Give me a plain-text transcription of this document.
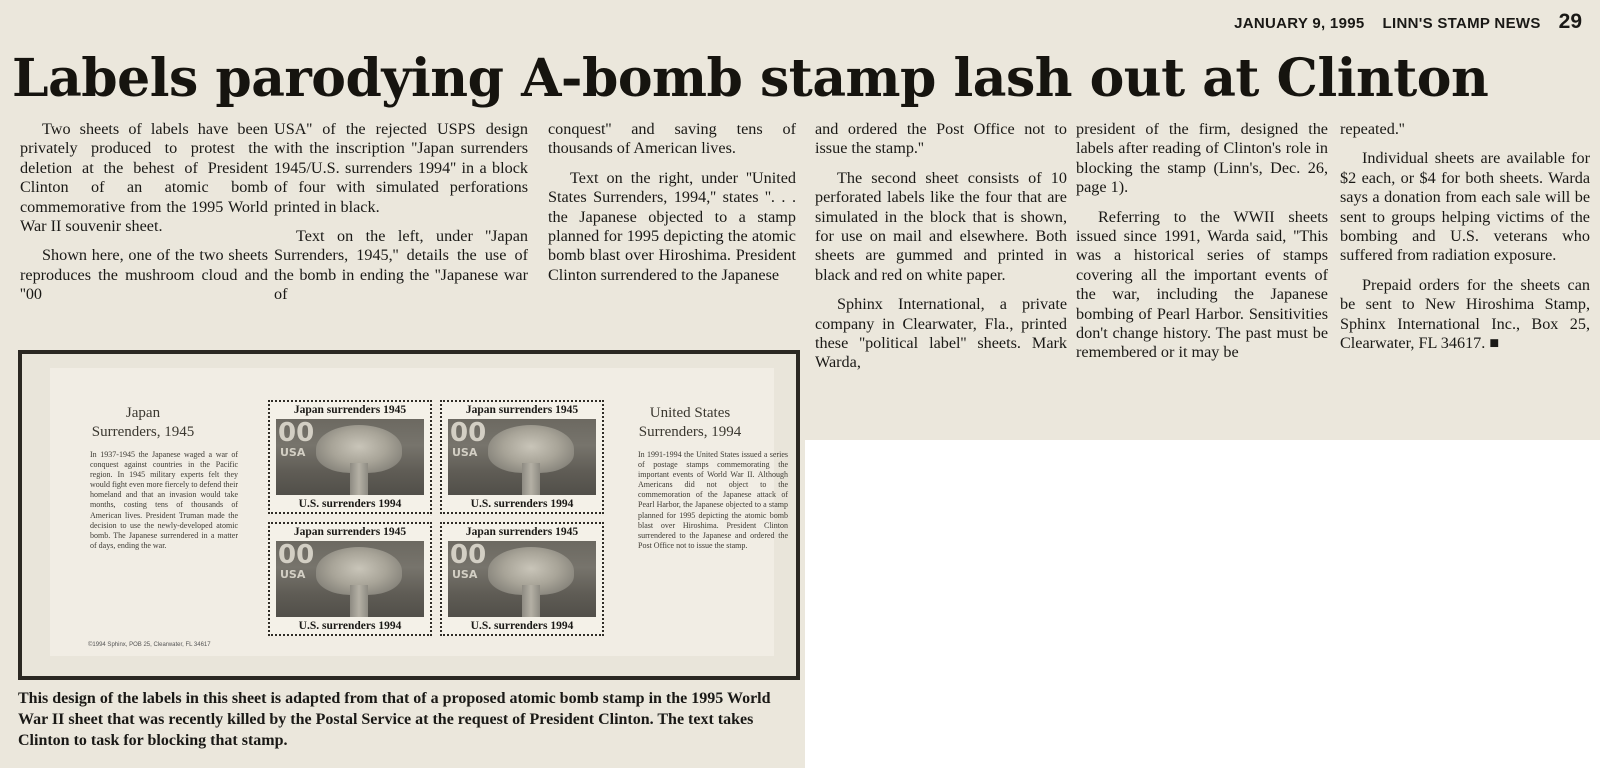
JANUARY 9, 1995 LINN'S STAMP NEWS 29
Labels parodying A-bomb stamp lash out at Clinton

Two sheets of labels have been privately produced to protest the deletion at the behest of President Clinton of an atomic bomb commemorative from the 1995 World War II souvenir sheet.

Shown here, one of the two sheets reproduces the mushroom cloud and ''00

USA'' of the rejected USPS design with the inscription ''Japan surrenders 1945/U.S. surrenders 1994'' in a block of four with simulated perforations printed in black.

Text on the left, under ''Japan Surrenders, 1945,'' details the use of the bomb in ending the ''Japanese war of

conquest'' and saving tens of thousands of American lives.

Text on the right, under ''United States Surrenders, 1994,'' states ''. . . the Japanese objected to a stamp planned for 1995 depicting the atomic bomb blast over Hiroshima. President Clinton surrendered to the Japanese

and ordered the Post Office not to issue the stamp.''

The second sheet consists of 10 perforated labels like the four that are simulated in the block that is shown, for use on mail and elsewhere. Both sheets are gummed and printed in black and red on white paper.

Sphinx International, a private company in Clearwater, Fla., printed these ''political label'' sheets. Mark Warda,

president of the firm, designed the labels after reading of Clinton's role in blocking the stamp (Linn's, Dec. 26, page 1).

Referring to the WWII sheets issued since 1991, Warda said, ''This was a historical series of stamps covering all the important events of the war, including the Japanese bombing of Pearl Harbor. Sensitivities don't change history. The past must be remembered or it may be

repeated.''

Individual sheets are available for $2 each, or $4 for both sheets. Warda says a donation from each sale will be sent to groups helping victims of the bombing and U.S. veterans who suffered from radiation exposure.

Prepaid orders for the sheets can be sent to New Hiroshima Stamp, Sphinx International Inc., Box 25, Clearwater, FL 34617. ■

Japan
Surrenders, 1945
In 1937-1945 the Japanese waged a war of conquest against countries in the Pacific region. In 1945 military experts felt they would fight even more fiercely to defend their homeland and that an invasion would take months, costing tens of thousands of American lives. President Truman made the decision to use the newly-developed atomic bomb. The Japanese surrendered in a matter of days, ending the war.
Japan surrenders 1945
00
USA
U.S. surrenders 1994
Japan surrenders 1945
00
USA
U.S. surrenders 1994
Japan surrenders 1945
00
USA
U.S. surrenders 1994
Japan surrenders 1945
00
USA
U.S. surrenders 1994
United States
Surrenders, 1994
In 1991-1994 the United States issued a series of postage stamps commemorating the important events of World War II. Although Americans did not object to the commemoration of the Japanese attack of Pearl Harbor, the Japanese objected to a stamp planned for 1995 depicting the atomic bomb blast over Hiroshima. President Clinton surrendered to the Japanese and ordered the Post Office not to issue the stamp.
©1994 Sphinx, POB 25, Clearwater, FL 34617
This design of the labels in this sheet is adapted from that of a proposed atomic bomb stamp in the 1995 World War II sheet that was recently killed by the Postal Service at the request of President Clinton. The text takes Clinton to task for blocking that stamp.
